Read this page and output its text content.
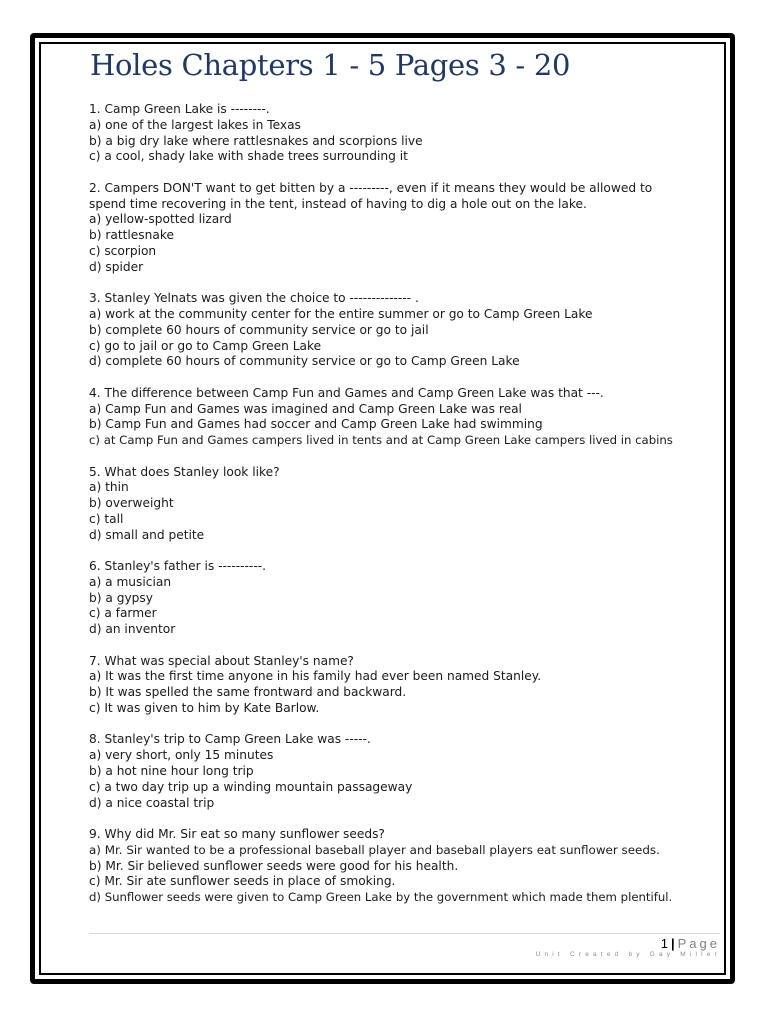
Holes Chapters 1 - 5 Pages 3 - 20
1. Camp Green Lake is --------.
a) one of the largest lakes in Texas
b) a big dry lake where rattlesnakes and scorpions live
c) a cool, shady lake with shade trees surrounding it
2. Campers DON'T want to get bitten by a ---------, even if it means they would be allowed to
spend time recovering in the tent, instead of having to dig a hole out on the lake.
a) yellow-spotted lizard
b) rattlesnake
c) scorpion
d) spider
3. Stanley Yelnats was given the choice to -------------- .
a) work at the community center for the entire summer or go to Camp Green Lake
b) complete 60 hours of community service or go to jail
c) go to jail or go to Camp Green Lake
d) complete 60 hours of community service or go to Camp Green Lake
4. The difference between Camp Fun and Games and Camp Green Lake was that ---.
a) Camp Fun and Games was imagined and Camp Green Lake was real
b) Camp Fun and Games had soccer and Camp Green Lake had swimming
c) at Camp Fun and Games campers lived in tents and at Camp Green Lake campers lived in cabins
5. What does Stanley look like?
a) thin
b) overweight
c) tall
d) small and petite
6. Stanley's father is ----------.
a) a musician
b) a gypsy
c) a farmer
d) an inventor
7. What was special about Stanley's name?
a) It was the first time anyone in his family had ever been named Stanley.
b) It was spelled the same frontward and backward.
c) It was given to him by Kate Barlow.
8. Stanley's trip to Camp Green Lake was -----.
a) very short, only 15 minutes
b) a hot nine hour long trip
c) a two day trip up a winding mountain passageway
d) a nice coastal trip
9. Why did Mr. Sir eat so many sunflower seeds?
a) Mr. Sir wanted to be a professional baseball player and baseball players eat sunflower seeds.
b) Mr. Sir believed sunflower seeds were good for his health.
c) Mr. Sir ate sunflower seeds in place of smoking.
d) Sunflower seeds were given to Camp Green Lake by the government which made them plentiful.
1 | Page
Unit Created by Gay Miller
